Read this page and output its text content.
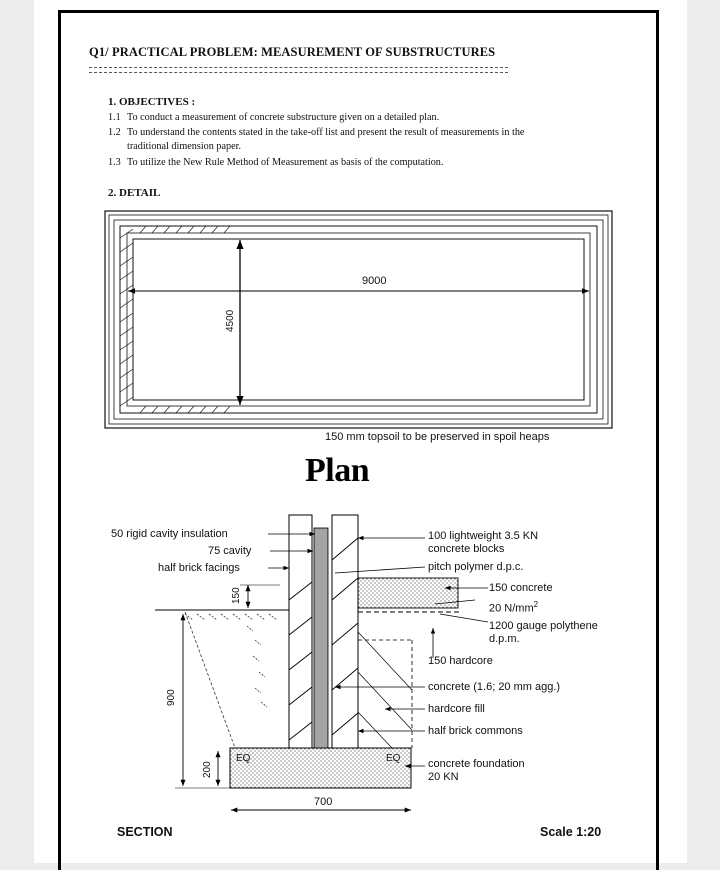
Q1/ PRACTICAL PROBLEM: MEASUREMENT OF SUBSTRUCTURES
1. OBJECTIVES :
1.1 To conduct a measurement of concrete substructure given on a detailed plan.
1.2 To understand the contents stated in the take-off list and present the result of measurements in the
traditional dimension paper.
1.3 To utilize the New Rule Method of Measurement as basis of the computation.
2. DETAIL
9000
4500
150 mm topsoil to be preserved in spoil heaps
Plan
50 rigid cavity insulation
75 cavity
half brick facings
100 lightweight 3.5 KN
concrete blocks
pitch polymer d.p.c.
150 concrete
20 $N/mm^2$
1200 gauge polythene
d.p.m.
150 hardcore
concrete (1.6; 20 mm agg.)
hardcore fill
half brick commons
concrete foundation
20 KN
150
900
200
700
EQ	EQ
SECTION	Scale 1:20
